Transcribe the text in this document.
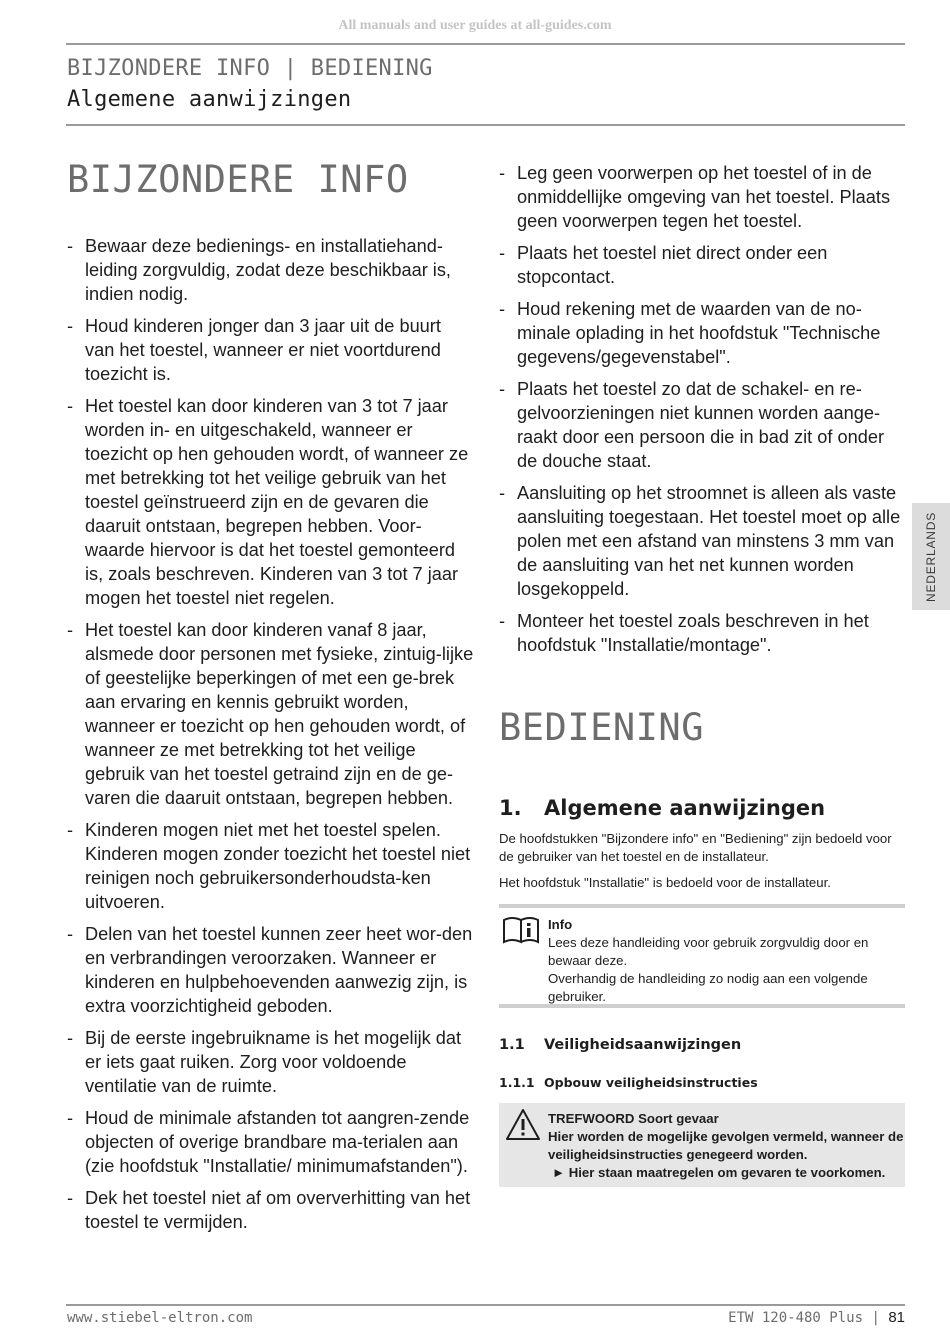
All manuals and user guides at all-guides.com
BIJZONDERE INFO | BEDIENING
Algemene aanwijzingen
BIJZONDERE INFO
- Bewaar deze bedienings- en installatiehand-leiding zorgvuldig, zodat deze beschikbaar is, indien nodig.
- Houd kinderen jonger dan 3 jaar uit de buurt van het toestel, wanneer er niet voortdurend toezicht is.
- Het toestel kan door kinderen van 3 tot 7 jaar worden in- en uitgeschakeld, wanneer er toezicht op hen gehouden wordt, of wanneer ze met betrekking tot het veilige gebruik van het toestel geïnstrueerd zijn en de gevaren die daaruit ontstaan, begrepen hebben. Voor-waarde hiervoor is dat het toestel gemonteerd is, zoals beschreven. Kinderen van 3 tot 7 jaar mogen het toestel niet regelen.
- Het toestel kan door kinderen vanaf 8 jaar, alsmede door personen met fysieke, zintuig-lijke of geestelijke beperkingen of met een ge-brek aan ervaring en kennis gebruikt worden, wanneer er toezicht op hen gehouden wordt, of wanneer ze met betrekking tot het veilige gebruik van het toestel getraind zijn en de ge-varen die daaruit ontstaan, begrepen hebben.
- Kinderen mogen niet met het toestel spelen. Kinderen mogen zonder toezicht het toestel niet reinigen noch gebruikersonderhoudsta-ken uitvoeren.
- Delen van het toestel kunnen zeer heet wor-den en verbrandingen veroorzaken. Wanneer er kinderen en hulpbehoevenden aanwezig zijn, is extra voorzichtigheid geboden.
- Bij de eerste ingebruikname is het mogelijk dat er iets gaat ruiken. Zorg voor voldoende ventilatie van de ruimte.
- Houd de minimale afstanden tot aangren-zende objecten of overige brandbare ma-terialen aan (zie hoofdstuk "Installatie/ minimumafstanden").
- Dek het toestel niet af om oververhitting van het toestel te vermijden.
- Leg geen voorwerpen op het toestel of in de onmiddellijke omgeving van het toestel. Plaats geen voorwerpen tegen het toestel.
- Plaats het toestel niet direct onder een stopcontact.
- Houd rekening met de waarden van de no-minale oplading in het hoofdstuk "Technische gegevens/gegevenstabel".
- Plaats het toestel zo dat de schakel- en re-gelvoorzieningen niet kunnen worden aange-raakt door een persoon die in bad zit of onder de douche staat.
- Aansluiting op het stroomnet is alleen als vaste aansluiting toegestaan. Het toestel moet op alle polen met een afstand van minstens 3 mm van de aansluiting van het net kunnen worden losgekoppeld.
- Monteer het toestel zoals beschreven in het hoofdstuk "Installatie/montage".
BEDIENING
1. Algemene aanwijzingen
De hoofdstukken "Bijzondere info" en "Bediening" zijn bedoeld voor de gebruiker van het toestel en de installateur.
Het hoofdstuk "Installatie" is bedoeld voor de installateur.
Info
Lees deze handleiding voor gebruik zorgvuldig door en bewaar deze.
Overhandig de handleiding zo nodig aan een volgende gebruiker.
1.1 Veiligheidsaanwijzingen
1.1.1 Opbouw veiligheidsinstructies
TREFWOORD Soort gevaar
Hier worden de mogelijke gevolgen vermeld, wanneer de veiligheidsinstructies genegeerd worden.
► Hier staan maatregelen om gevaren te voorkomen.
NEDERLANDS
www.stiebel-eltron.com	ETW 120-480 Plus | 81
